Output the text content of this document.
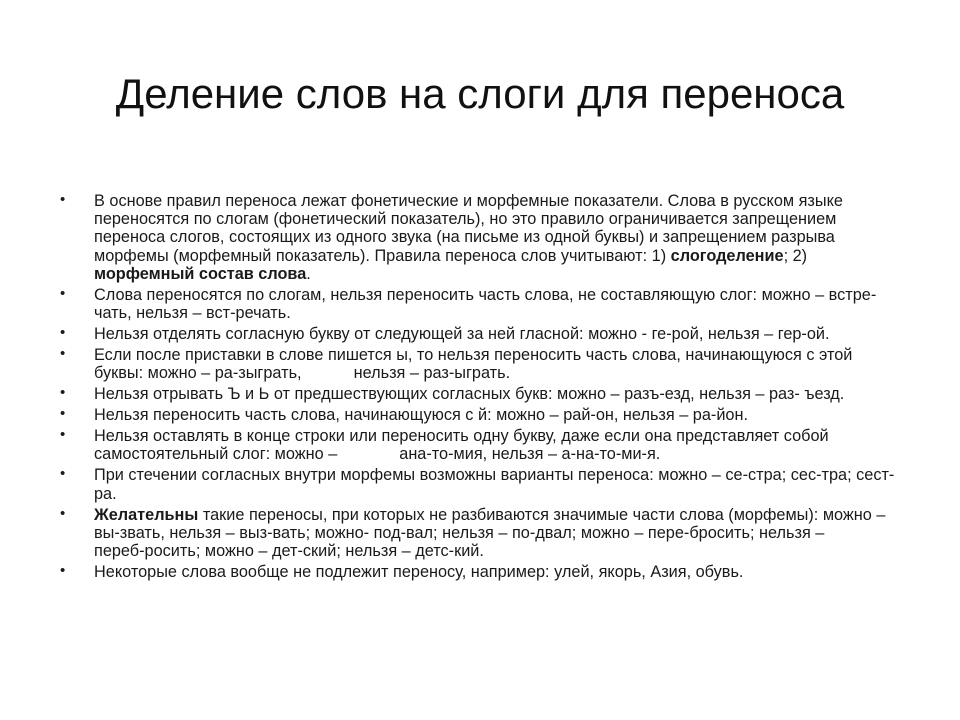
Деление слов на слоги для переноса
• В основе правил переноса лежат фонетические и морфемные показатели. Слова в русском языке переносятся по слогам (фонетический показатель), но это правило ограничивается запрещением переноса слогов, состоящих из одного звука (на письме из одной буквы) и запрещением разрыва морфемы (морфемный показатель). Правила переноса слов учитывают: 1) слогоделение; 2) морфемный состав слова.
• Слова переносятся по слогам, нельзя переносить часть слова, не составляющую слог: можно – встре-чать, нельзя – вст-речать.
• Нельзя отделять согласную букву от следующей за ней гласной: можно - ге-рой, нельзя – гер-ой.
• Если после приставки в слове пишется ы, то нельзя переносить часть слова, начинающуюся с этой буквы: можно – ра-зыграть,	нельзя – раз-ыграть.
• Нельзя отрывать Ъ и Ь от предшествующих согласных букв: можно – разъ-езд, нельзя – раз- ъезд.
• Нельзя переносить часть слова, начинающуюся с й: можно – рай-он, нельзя – ра-йон.
• Нельзя оставлять в конце строки или переносить одну букву, даже если она представляет собой самостоятельный слог: можно –	ана-то-мия, нельзя – а-на-то-ми-я.
• При стечении согласных внутри морфемы возможны варианты переноса: можно – се-стра; сес-тра; сест-ра.
• Желательны такие переносы, при которых не разбиваются значимые части слова (морфемы): можно – вы-звать, нельзя – выз-вать; можно- под-вал; нельзя – по-двал; можно – пере-бросить; нельзя –переб-росить; можно – дет-ский; нельзя – детс-кий.
• Некоторые слова вообще не подлежит переносу, например: улей, якорь, Азия, обувь.
